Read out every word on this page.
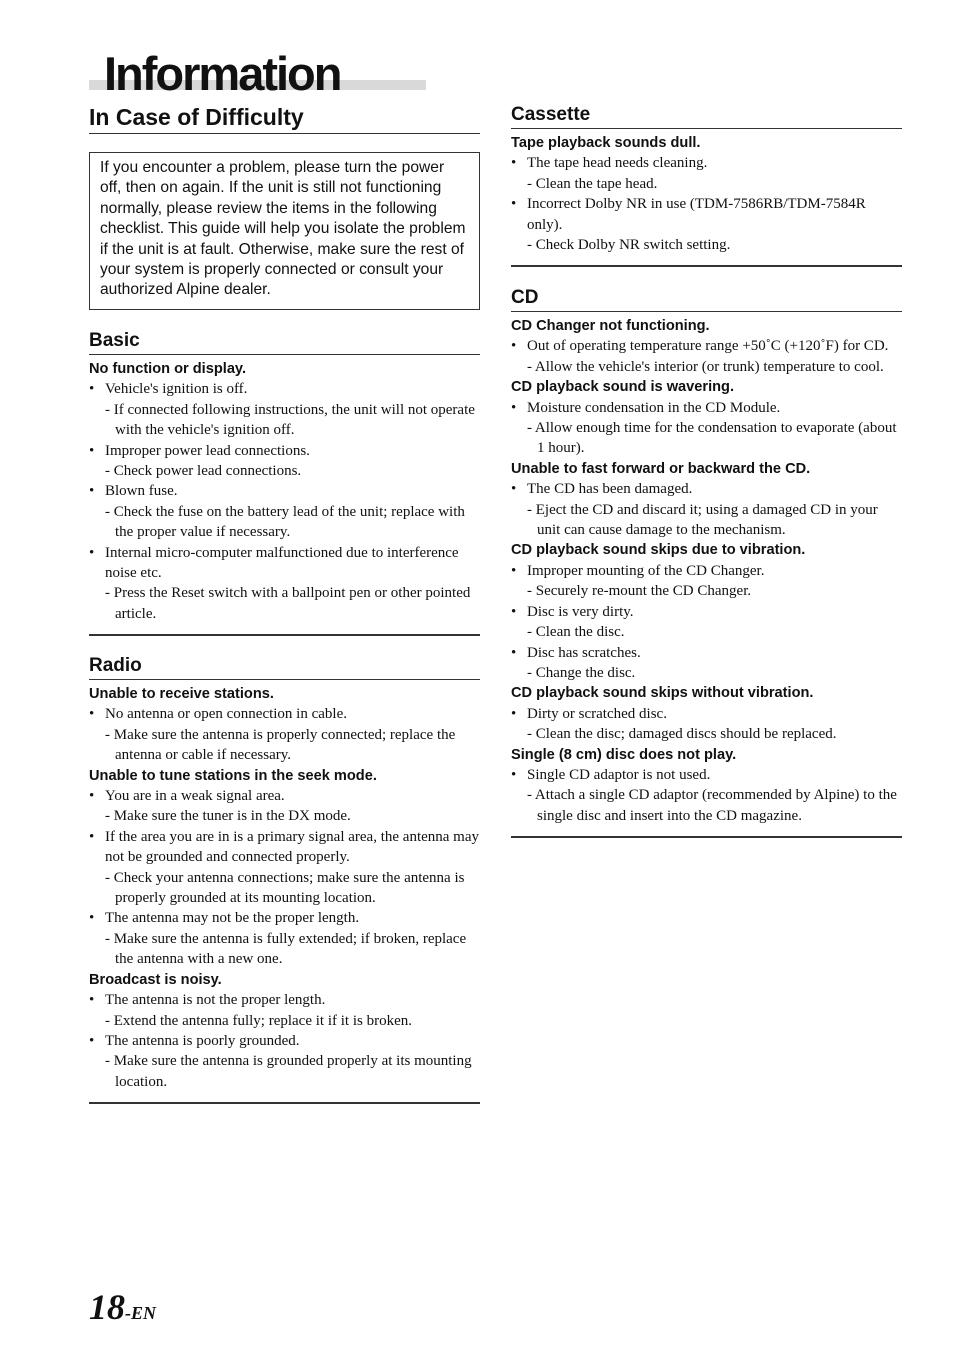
Information
In Case of Difficulty
If you encounter a problem, please turn the power off, then on again. If the unit is still not functioning normally, please review the items in the following checklist. This guide will help you isolate the problem if the unit is at fault. Otherwise, make sure the rest of your system is properly connected or consult your authorized Alpine dealer.
Basic
No function or display.
• Vehicle's ignition is off.
- If connected following instructions, the unit will not operate with the vehicle's ignition off.
• Improper power lead connections.
- Check power lead connections.
• Blown fuse.
- Check the fuse on the battery lead of the unit; replace with the proper value if necessary.
• Internal micro-computer malfunctioned due to interference noise etc.
- Press the Reset switch with a ballpoint pen or other pointed article.
Radio
Unable to receive stations.
• No antenna or open connection in cable.
- Make sure the antenna is properly connected; replace the antenna or cable if necessary.
Unable to tune stations in the seek mode.
• You are in a weak signal area.
- Make sure the tuner is in the DX mode.
• If the area you are in is a primary signal area, the antenna may not be grounded and connected properly.
- Check your antenna connections; make sure the antenna is properly grounded at its mounting location.
• The antenna may not be the proper length.
- Make sure the antenna is fully extended; if broken, replace the antenna with a new one.
Broadcast is noisy.
• The antenna is not the proper length.
- Extend the antenna fully; replace it if it is broken.
• The antenna is poorly grounded.
- Make sure the antenna is grounded properly at its mounting location.
Cassette
Tape playback sounds dull.
• The tape head needs cleaning.
- Clean the tape head.
• Incorrect Dolby NR in use (TDM-7586RB/TDM-7584R only).
- Check Dolby NR switch setting.
CD
CD Changer not functioning.
• Out of operating temperature range +50˚C (+120˚F) for CD.
- Allow the vehicle's interior (or trunk) temperature to cool.
CD playback sound is wavering.
• Moisture condensation in the CD Module.
- Allow enough time for the condensation to evaporate (about 1 hour).
Unable to fast forward or backward the CD.
• The CD has been damaged.
- Eject the CD and discard it; using a damaged CD in your unit can cause damage to the mechanism.
CD playback sound skips due to vibration.
• Improper mounting of the CD Changer.
- Securely re-mount the CD Changer.
• Disc is very dirty.
- Clean the disc.
• Disc has scratches.
- Change the disc.
CD playback sound skips without vibration.
• Dirty or scratched disc.
- Clean the disc; damaged discs should be replaced.
Single (8 cm) disc does not play.
• Single CD adaptor is not used.
- Attach a single CD adaptor (recommended by Alpine) to the single disc and insert into the CD magazine.
18-EN
